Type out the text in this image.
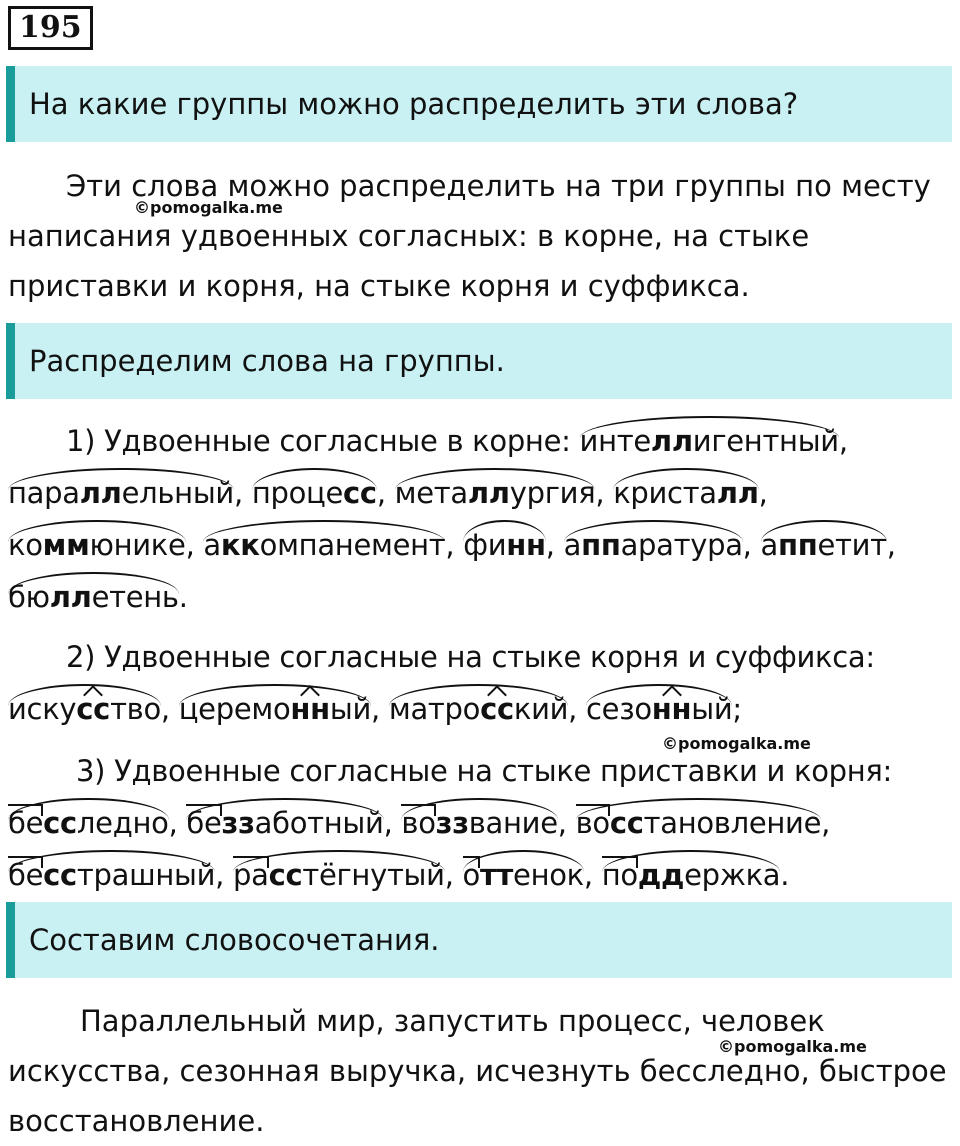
195
На какие группы можно распределить эти слова?
Эти слова можно распределить на три группы по месту
написания удвоенных согласных: в корне, на стыке
приставки и корня, на стыке корня и суффикса.
©pomogalka.me
Распределим слова на группы.
1) Удвоенные согласные в корне: интеллигентный,
параллельный, процесс, металлургия, кристалл,
коммюнике, аккомпанемент, финн, аппаратура, аппетит,
бюллетень.
2) Удвоенные согласные на стыке корня и суффикса:
искусство, церемонный, матросский, сезонный;
©pomogalka.me
3) Удвоенные согласные на стыке приставки и корня:
бесследно, беззаботный, воззвание, восстановление,
бесстрашный, расстёгнутый, оттенок, поддержка.
Составим словосочетания.
Параллельный мир, запустить процесс, человек
искусства, сезонная выручка, исчезнуть бесследно, быстрое
восстановление.
©pomogalka.me
